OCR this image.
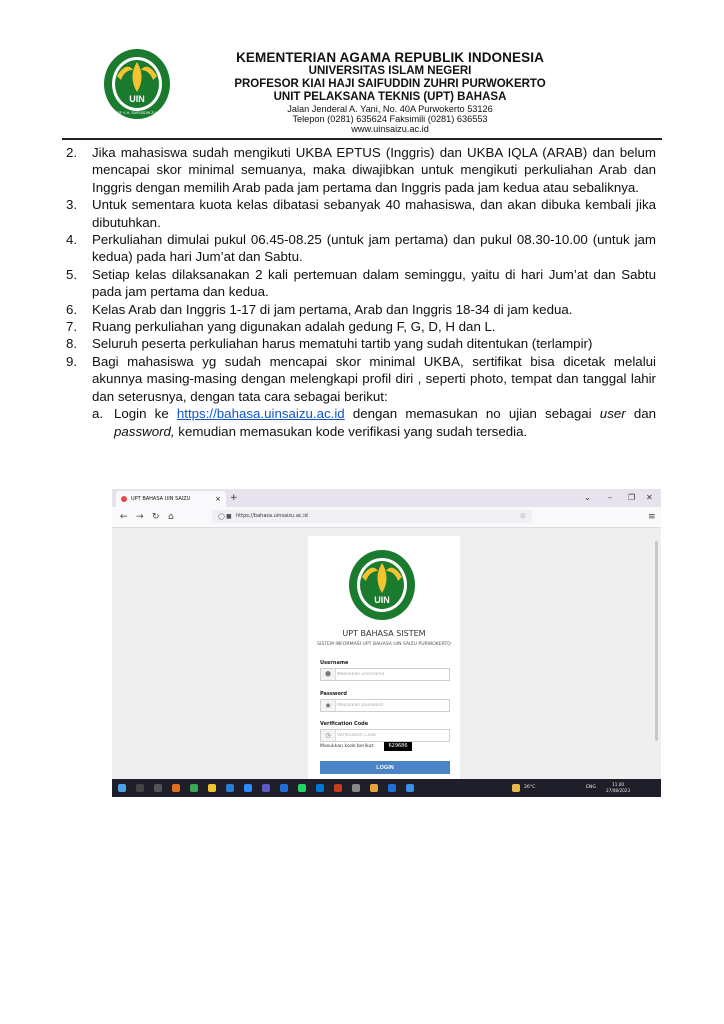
UIN
PROF. K.H. SAIFUDDIN ZUHRI
KEMENTERIAN AGAMA REPUBLIK INDONESIA
UNIVERSITAS ISLAM NEGERI
PROFESOR KIAI HAJI SAIFUDDIN ZUHRI PURWOKERTO
UNIT PELAKSANA TEKNIS (UPT) BAHASA
Jalan Jenderal A. Yani, No. 40A Purwokerto 53126
Telepon (0281) 635624 Faksimili (0281) 636553
www.uinsaizu.ac.id
2. Jika mahasiswa sudah mengikuti UKBA EPTUS (Inggris) dan UKBA IQLA (ARAB) dan belum mencapai skor minimal semuanya, maka diwajibkan untuk mengikuti perkuliahan Arab dan Inggris dengan memilih Arab pada jam pertama dan Inggris pada jam kedua atau sebaliknya.
3. Untuk sementara kuota kelas dibatasi sebanyak 40 mahasiswa, dan akan dibuka kembali jika dibutuhkan.
4. Perkuliahan dimulai pukul 06.45-08.25 (untuk jam pertama) dan pukul 08.30-10.00 (untuk jam kedua) pada hari Jum’at dan Sabtu.
5. Setiap kelas dilaksanakan 2 kali pertemuan dalam seminggu, yaitu di hari Jum’at dan Sabtu pada jam pertama dan kedua.
6. Kelas Arab dan Inggris 1-17 di jam pertama, Arab dan Inggris 18-34 di jam kedua.
7. Ruang perkuliahan yang digunakan adalah gedung F, G, D, H dan L.
8. Seluruh peserta perkuliahan harus mematuhi tartib yang sudah ditentukan (terlampir)
9. Bagi mahasiswa yg sudah mencapai skor minimal UKBA, sertifikat bisa dicetak melalui akunnya masing-masing dengan melengkapi profil diri , seperti photo, tempat dan tanggal lahir dan seterusnya, dengan tata cara sebagai berikut:
a. Login ke https://bahasa.uinsaizu.ac.id dengan memasukan no ujian sebagai user dan password, kemudian memasukan kode verifikasi yang sudah tersedia.
UPT BAHASA UIN SAIZU	× +	⌄ – ❐ ✕
← → ↻ ⌂	◯ ■ https://bahasa.uinsaizu.ac.id	☆	≡
UIN
UPT BAHASA SISTEM
SISTEM INFORMASI UPT BAHASA UIN SAIZU PURWOKERTO
Username
☻
Masukkan username
Password
◉
Verification Code
◷
Verification Code
Masukkan kode berikut:	629686
LOGIN
26°C	ENG
11.00
27/08/2023
